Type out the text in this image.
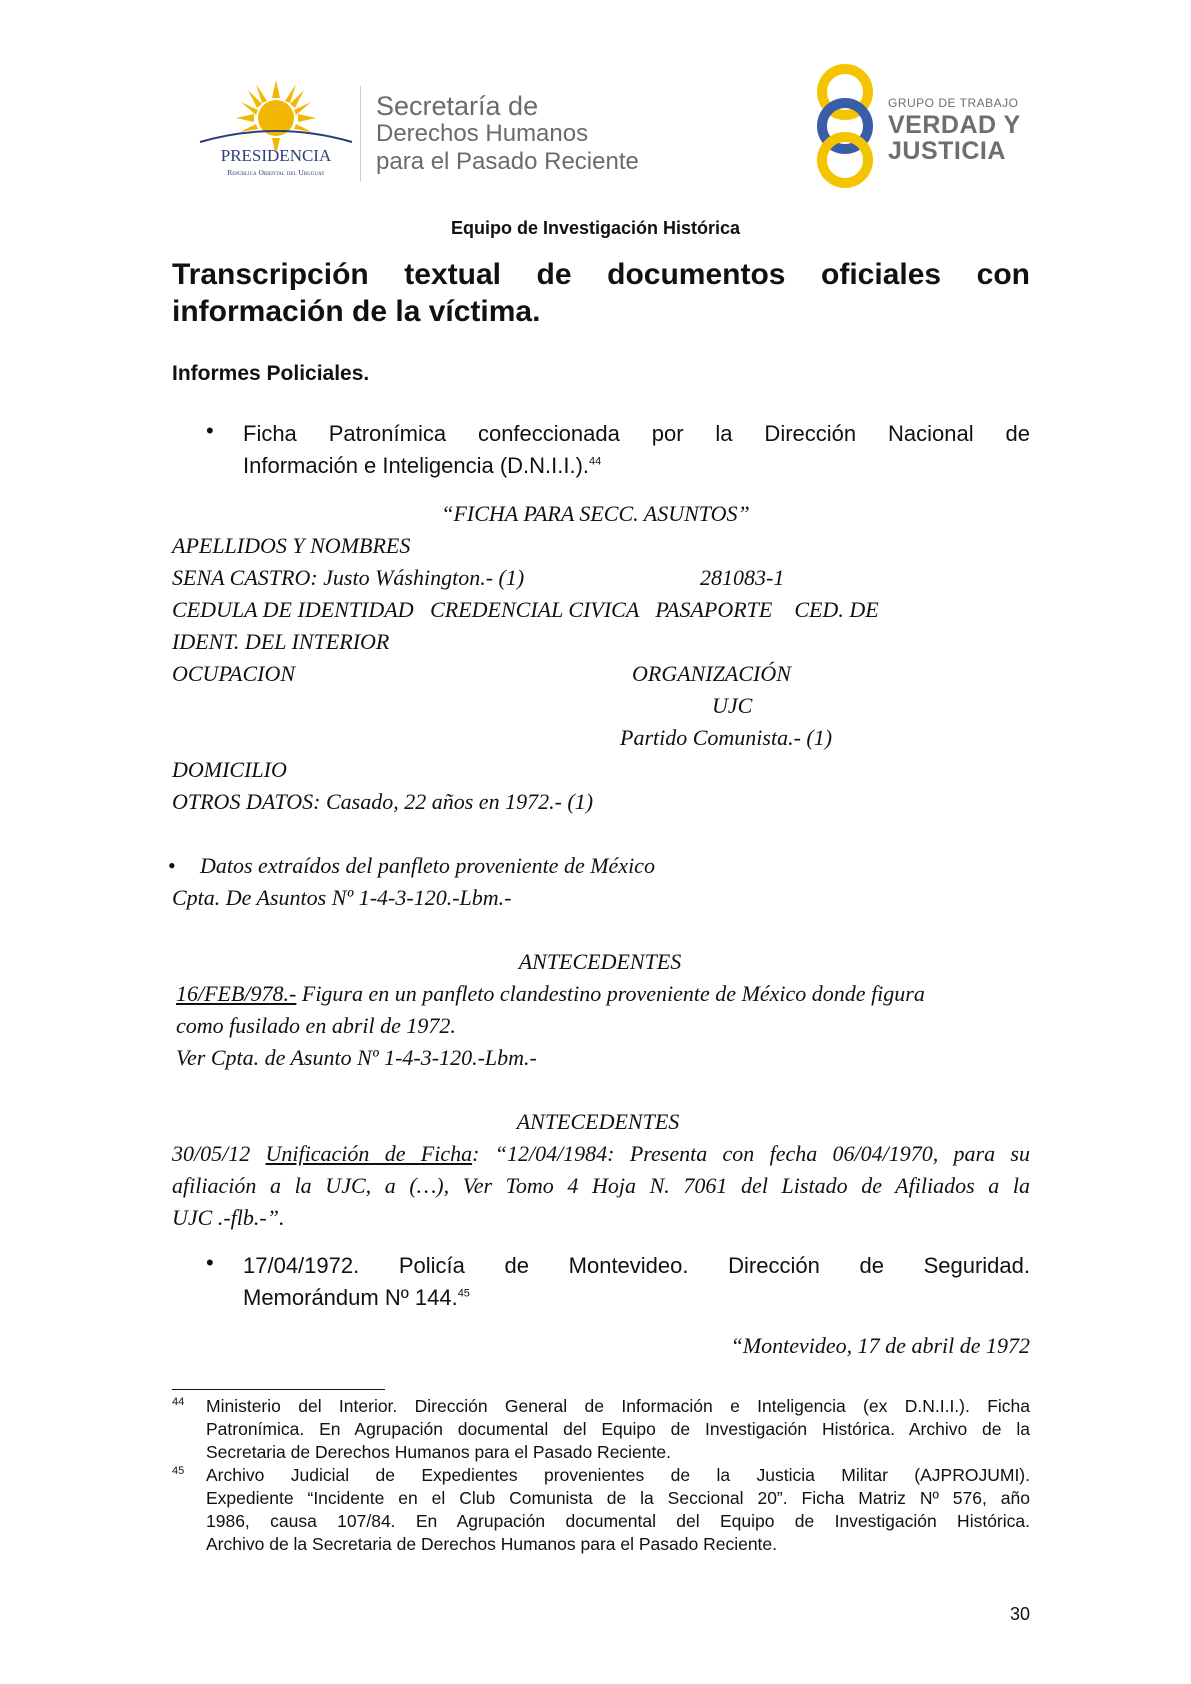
PRESIDENCIA
República Oriental del Uruguay
Secretaría de
Derechos Humanos
para el Pasado Reciente
GRUPO DE TRABAJO
VERDAD Y
JUSTICIA
Equipo de Investigación Histórica
Transcripción textual de documentos oficiales con
información de la víctima.
Informes Policiales.
• Ficha Patronímica confeccionada por la Dirección Nacional de
Información e Inteligencia (D.N.I.I.).$^{44}$
“FICHA PARA SECC. ASUNTOS”
APELLIDOS Y NOMBRES
SENA CASTRO: Justo Wáshington.- (1)	281083-1
CEDULA DE IDENTIDAD   CREDENCIAL CIVICA   PASAPORTE    CED. DE
IDENT. DEL INTERIOR
OCUPACION	ORGANIZACIÓN
UJC
Partido Comunista.- (1)
DOMICILIO
OTROS DATOS: Casado, 22 años en 1972.- (1)
• Datos extraídos del panfleto proveniente de México
Cpta. De Asuntos Nº 1-4-3-120.-Lbm.-
ANTECEDENTES
16/FEB/978.- Figura en un panfleto clandestino proveniente de México donde figura
como fusilado en abril de 1972.
Ver Cpta. de Asunto Nº 1-4-3-120.-Lbm.-
ANTECEDENTES
30/05/12 Unificación de Ficha: “12/04/1984: Presenta con fecha 06/04/1970, para su
afiliación a la UJC, a (…), Ver Tomo 4 Hoja N. 7061 del Listado de Afiliados a la
UJC .-flb.-”.
• 17/04/1972. Policía de Montevideo. Dirección de Seguridad.
Memorándum Nº 144.45
“Montevideo, 17 de abril de 1972
44 Ministerio del Interior. Dirección General de Información e Inteligencia (ex D.N.I.I.). Ficha
Patronímica. En Agrupación documental del Equipo de Investigación Histórica. Archivo de la
Secretaria de Derechos Humanos para el Pasado Reciente.
45 Archivo Judicial de Expedientes provenientes de la Justicia Militar (AJPROJUMI).
Expediente “Incidente en el Club Comunista de la Seccional 20”. Ficha Matriz Nº 576, año
1986, causa 107/84. En Agrupación documental del Equipo de Investigación Histórica.
Archivo de la Secretaria de Derechos Humanos para el Pasado Reciente.
30
